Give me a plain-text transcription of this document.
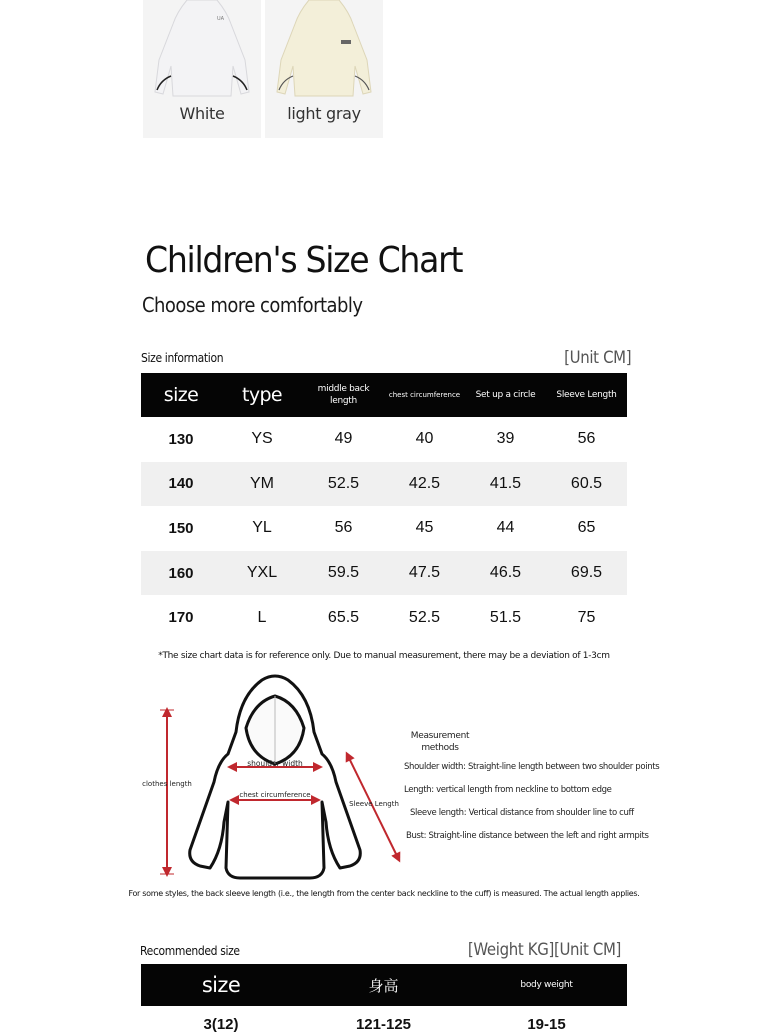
UA
White	light gray
Children's Size Chart
Choose more comfortably
Size information	[Unit CM]
size	type	middle back length	chest circumference	Set up a circle	Sleeve Length
130	YS	49	40	39	56
140	YM	52.5	42.5	41.5	60.5
150	YL	56	45	44	65
160	YXL	59.5	47.5	46.5	69.5
170	L	65.5	52.5	51.5	75
*The size chart data is for reference only. Due to manual measurement, there may be a deviation of 1-3cm
shoulder width
chest circumference
clothes length
Sleeve Length
Measurement methods
Shoulder width: Straight-line length between two shoulder points
Length: vertical length from neckline to bottom edge
Sleeve length: Vertical distance from shoulder line to cuff
Bust: Straight-line distance between the left and right armpits
For some styles, the back sleeve length (i.e., the length from the center back neckline to the cuff) is measured. The actual length applies.
Recommended size	[Weight KG][Unit CM]
size	身高	body weight
3(12)	121-125	19-15
